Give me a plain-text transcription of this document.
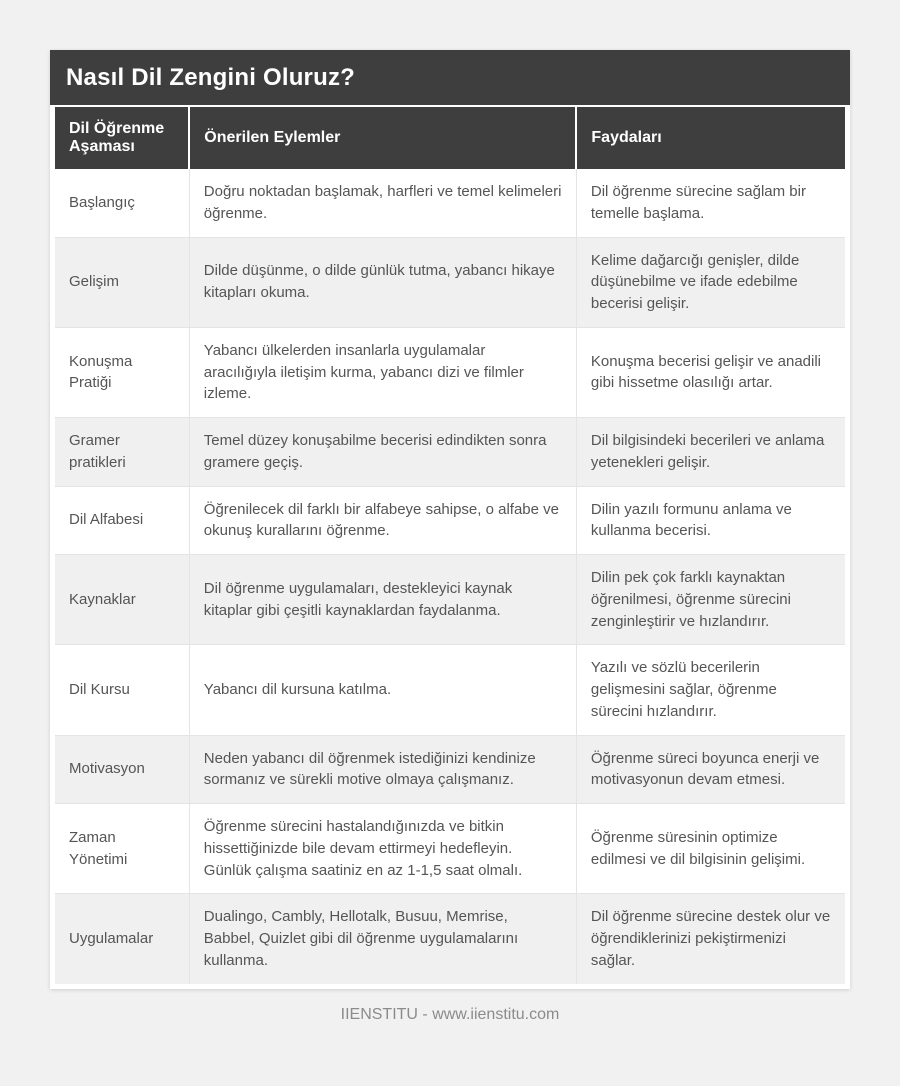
Nasıl Dil Zengini Oluruz?
Dil Öğrenme Aşaması	Önerilen Eylemler	Faydaları
Başlangıç	Doğru noktadan başlamak, harfleri ve temel kelimeleri öğrenme.	Dil öğrenme sürecine sağlam bir temelle başlama.
Gelişim	Dilde düşünme, o dilde günlük tutma, yabancı hikaye kitapları okuma.	Kelime dağarcığı genişler, dilde düşünebilme ve ifade edebilme becerisi gelişir.
Konuşma Pratiği	Yabancı ülkelerden insanlarla uygulamalar aracılığıyla iletişim kurma, yabancı dizi ve filmler izleme.	Konuşma becerisi gelişir ve anadili gibi hissetme olasılığı artar.
Gramer pratikleri	Temel düzey konuşabilme becerisi edindikten sonra gramere geçiş.	Dil bilgisindeki becerileri ve anlama yetenekleri gelişir.
Dil Alfabesi	Öğrenilecek dil farklı bir alfabeye sahipse, o alfabe ve okunuş kurallarını öğrenme.	Dilin yazılı formunu anlama ve kullanma becerisi.
Kaynaklar	Dil öğrenme uygulamaları, destekleyici kaynak kitaplar gibi çeşitli kaynaklardan faydalanma.	Dilin pek çok farklı kaynaktan öğrenilmesi, öğrenme sürecini zenginleştirir ve hızlandırır.
Dil Kursu	Yabancı dil kursuna katılma.	Yazılı ve sözlü becerilerin gelişmesini sağlar, öğrenme sürecini hızlandırır.
Motivasyon	Neden yabancı dil öğrenmek istediğinizi kendinize sormanız ve sürekli motive olmaya çalışmanız.	Öğrenme süreci boyunca enerji ve motivasyonun devam etmesi.
Zaman Yönetimi	Öğrenme sürecini hastalandığınızda ve bitkin hissettiğinizde bile devam ettirmeyi hedefleyin. Günlük çalışma saatiniz en az 1-1,5 saat olmalı.	Öğrenme süresinin optimize edilmesi ve dil bilgisinin gelişimi.
Uygulamalar	Dualingo, Cambly, Hellotalk, Busuu, Memrise, Babbel, Quizlet gibi dil öğrenme uygulamalarını kullanma.	Dil öğrenme sürecine destek olur ve öğrendiklerinizi pekiştirmenizi sağlar.
IIENSTITU - www.iienstitu.com
